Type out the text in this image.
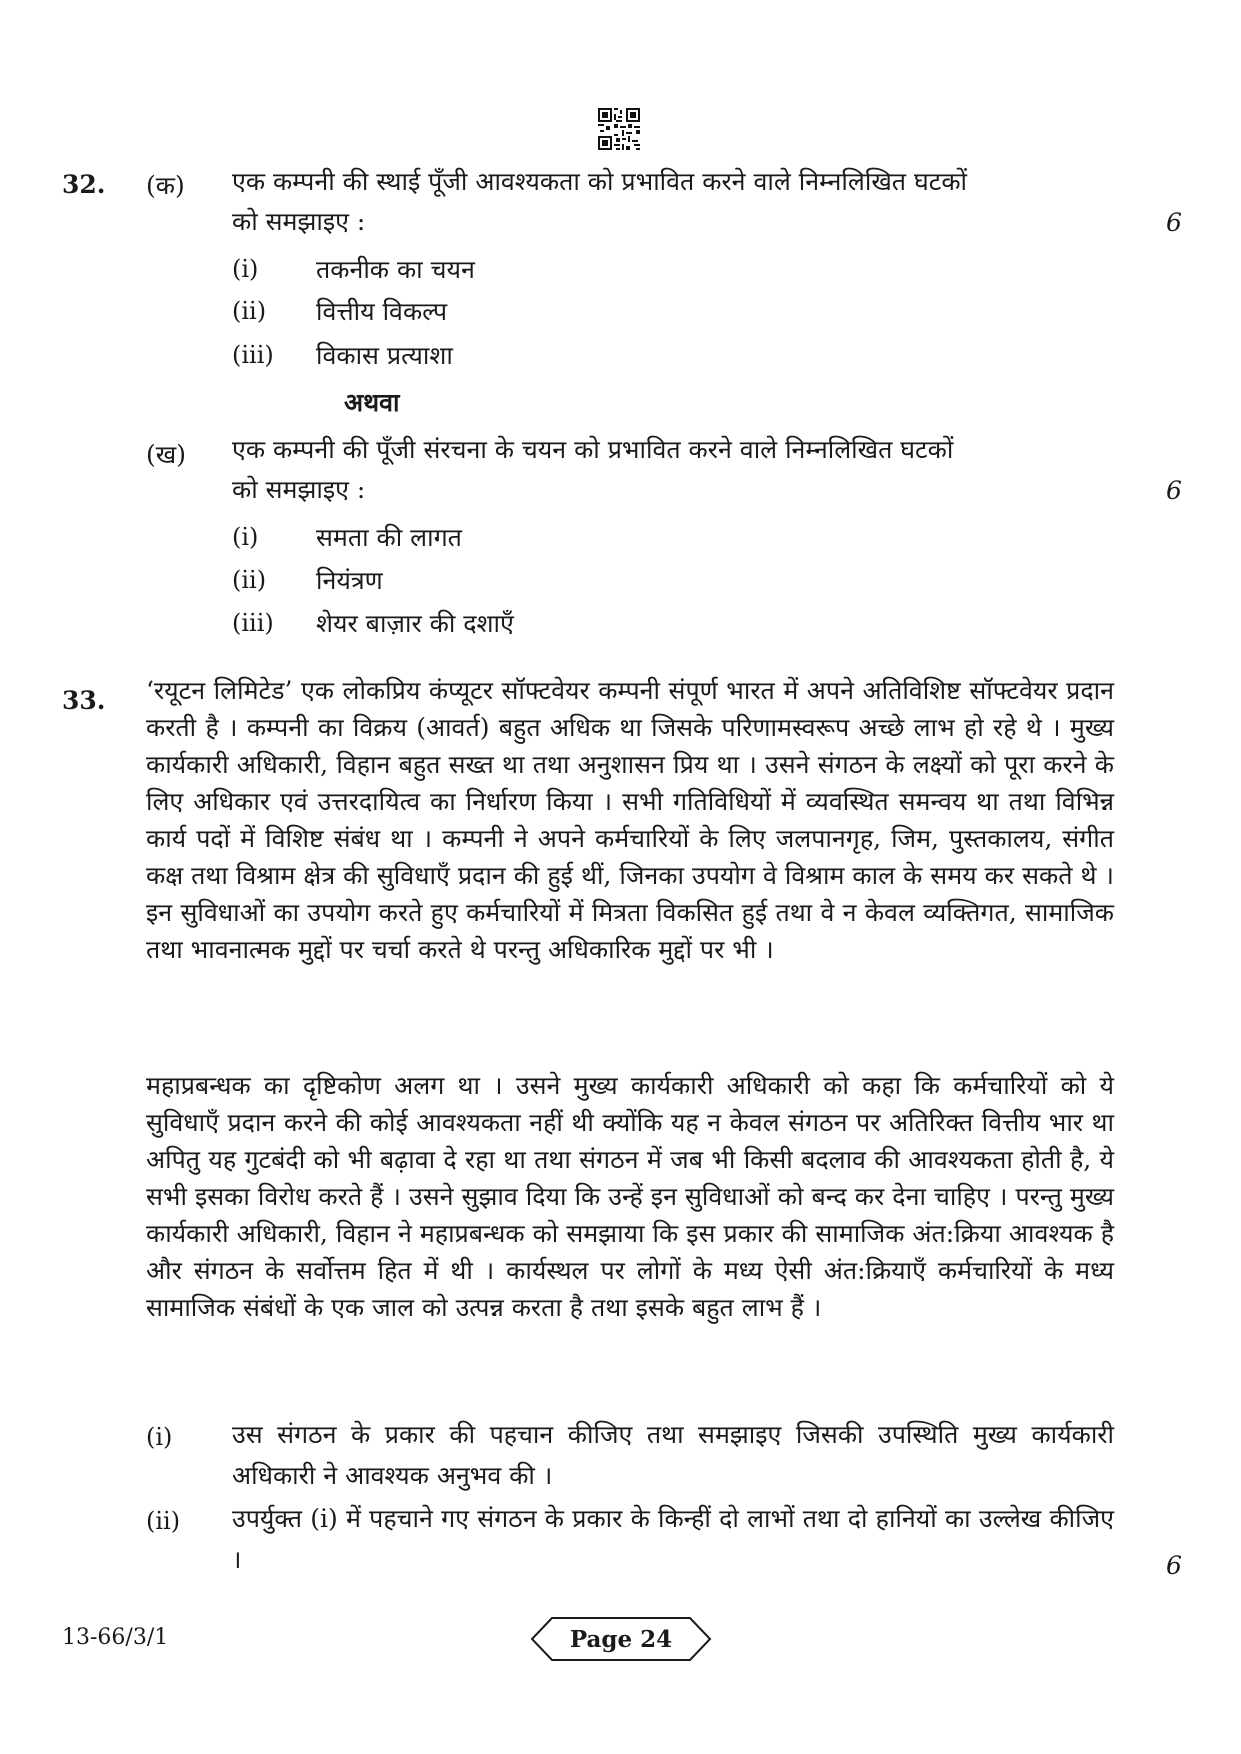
32. (क) एक कम्पनी की स्थाई पूँजी आवश्यकता को प्रभावित करने वाले निम्नलिखित घटकों
को समझाइए :	6
(i) तकनीक का चयन
(ii) वित्तीय विकल्प
(iii) विकास प्रत्याशा
अथवा
(ख) एक कम्पनी की पूँजी संरचना के चयन को प्रभावित करने वाले निम्नलिखित घटकों
को समझाइए :	6
(i) समता की लागत
(ii) नियंत्रण
(iii) शेयर बाज़ार की दशाएँ
33. ‘रयूटन लिमिटेड’ एक लोकप्रिय कंप्यूटर सॉफ्टवेयर कम्पनी संपूर्ण भारत में अपने अतिविशिष्ट सॉफ्टवेयर प्रदान करती है । कम्पनी का विक्रय (आवर्त) बहुत अधिक था जिसके परिणामस्वरूप अच्छे लाभ हो रहे थे । मुख्य कार्यकारी अधिकारी, विहान बहुत सख्त था तथा अनुशासन प्रिय था । उसने संगठन के लक्ष्यों को पूरा करने के लिए अधिकार एवं उत्तरदायित्व का निर्धारण किया । सभी गतिविधियों में व्यवस्थित समन्वय था तथा विभिन्न कार्य पदों में विशिष्ट संबंध था । कम्पनी ने अपने कर्मचारियों के लिए जलपानगृह, जिम, पुस्तकालय, संगीत कक्ष तथा विश्राम क्षेत्र की सुविधाएँ प्रदान की हुई थीं, जिनका उपयोग वे विश्राम काल के समय कर सकते थे । इन सुविधाओं का उपयोग करते हुए कर्मचारियों में मित्रता विकसित हुई तथा वे न केवल व्यक्तिगत, सामाजिक तथा भावनात्मक मुद्दों पर चर्चा करते थे परन्तु अधिकारिक मुद्दों पर भी ।

महाप्रबन्धक का दृष्टिकोण अलग था । उसने मुख्य कार्यकारी अधिकारी को कहा कि कर्मचारियों को ये सुविधाएँ प्रदान करने की कोई आवश्यकता नहीं थी क्योंकि यह न केवल संगठन पर अतिरिक्त वित्तीय भार था अपितु यह गुटबंदी को भी बढ़ावा दे रहा था तथा संगठन में जब भी किसी बदलाव की आवश्यकता होती है, ये सभी इसका विरोध करते हैं । उसने सुझाव दिया कि उन्हें इन सुविधाओं को बन्द कर देना चाहिए । परन्तु मुख्य कार्यकारी अधिकारी, विहान ने महाप्रबन्धक को समझाया कि इस प्रकार की सामाजिक अंत:क्रिया आवश्यक है और संगठन के सर्वोत्तम हित में थी । कार्यस्थल पर लोगों के मध्य ऐसी अंत:क्रियाएँ कर्मचारियों के मध्य सामाजिक संबंधों के एक जाल को उत्पन्न करता है तथा इसके बहुत लाभ हैं ।

(i) उस संगठन के प्रकार की पहचान कीजिए तथा समझाइए जिसकी उपस्थिति मुख्य कार्यकारी अधिकारी ने आवश्यक अनुभव की ।

(ii) उपर्युक्त (i) में पहचाने गए संगठन के प्रकार के किन्हीं दो लाभों तथा दो हानियों का उल्लेख कीजिए ।	6
13-66/3/1	Page 24
